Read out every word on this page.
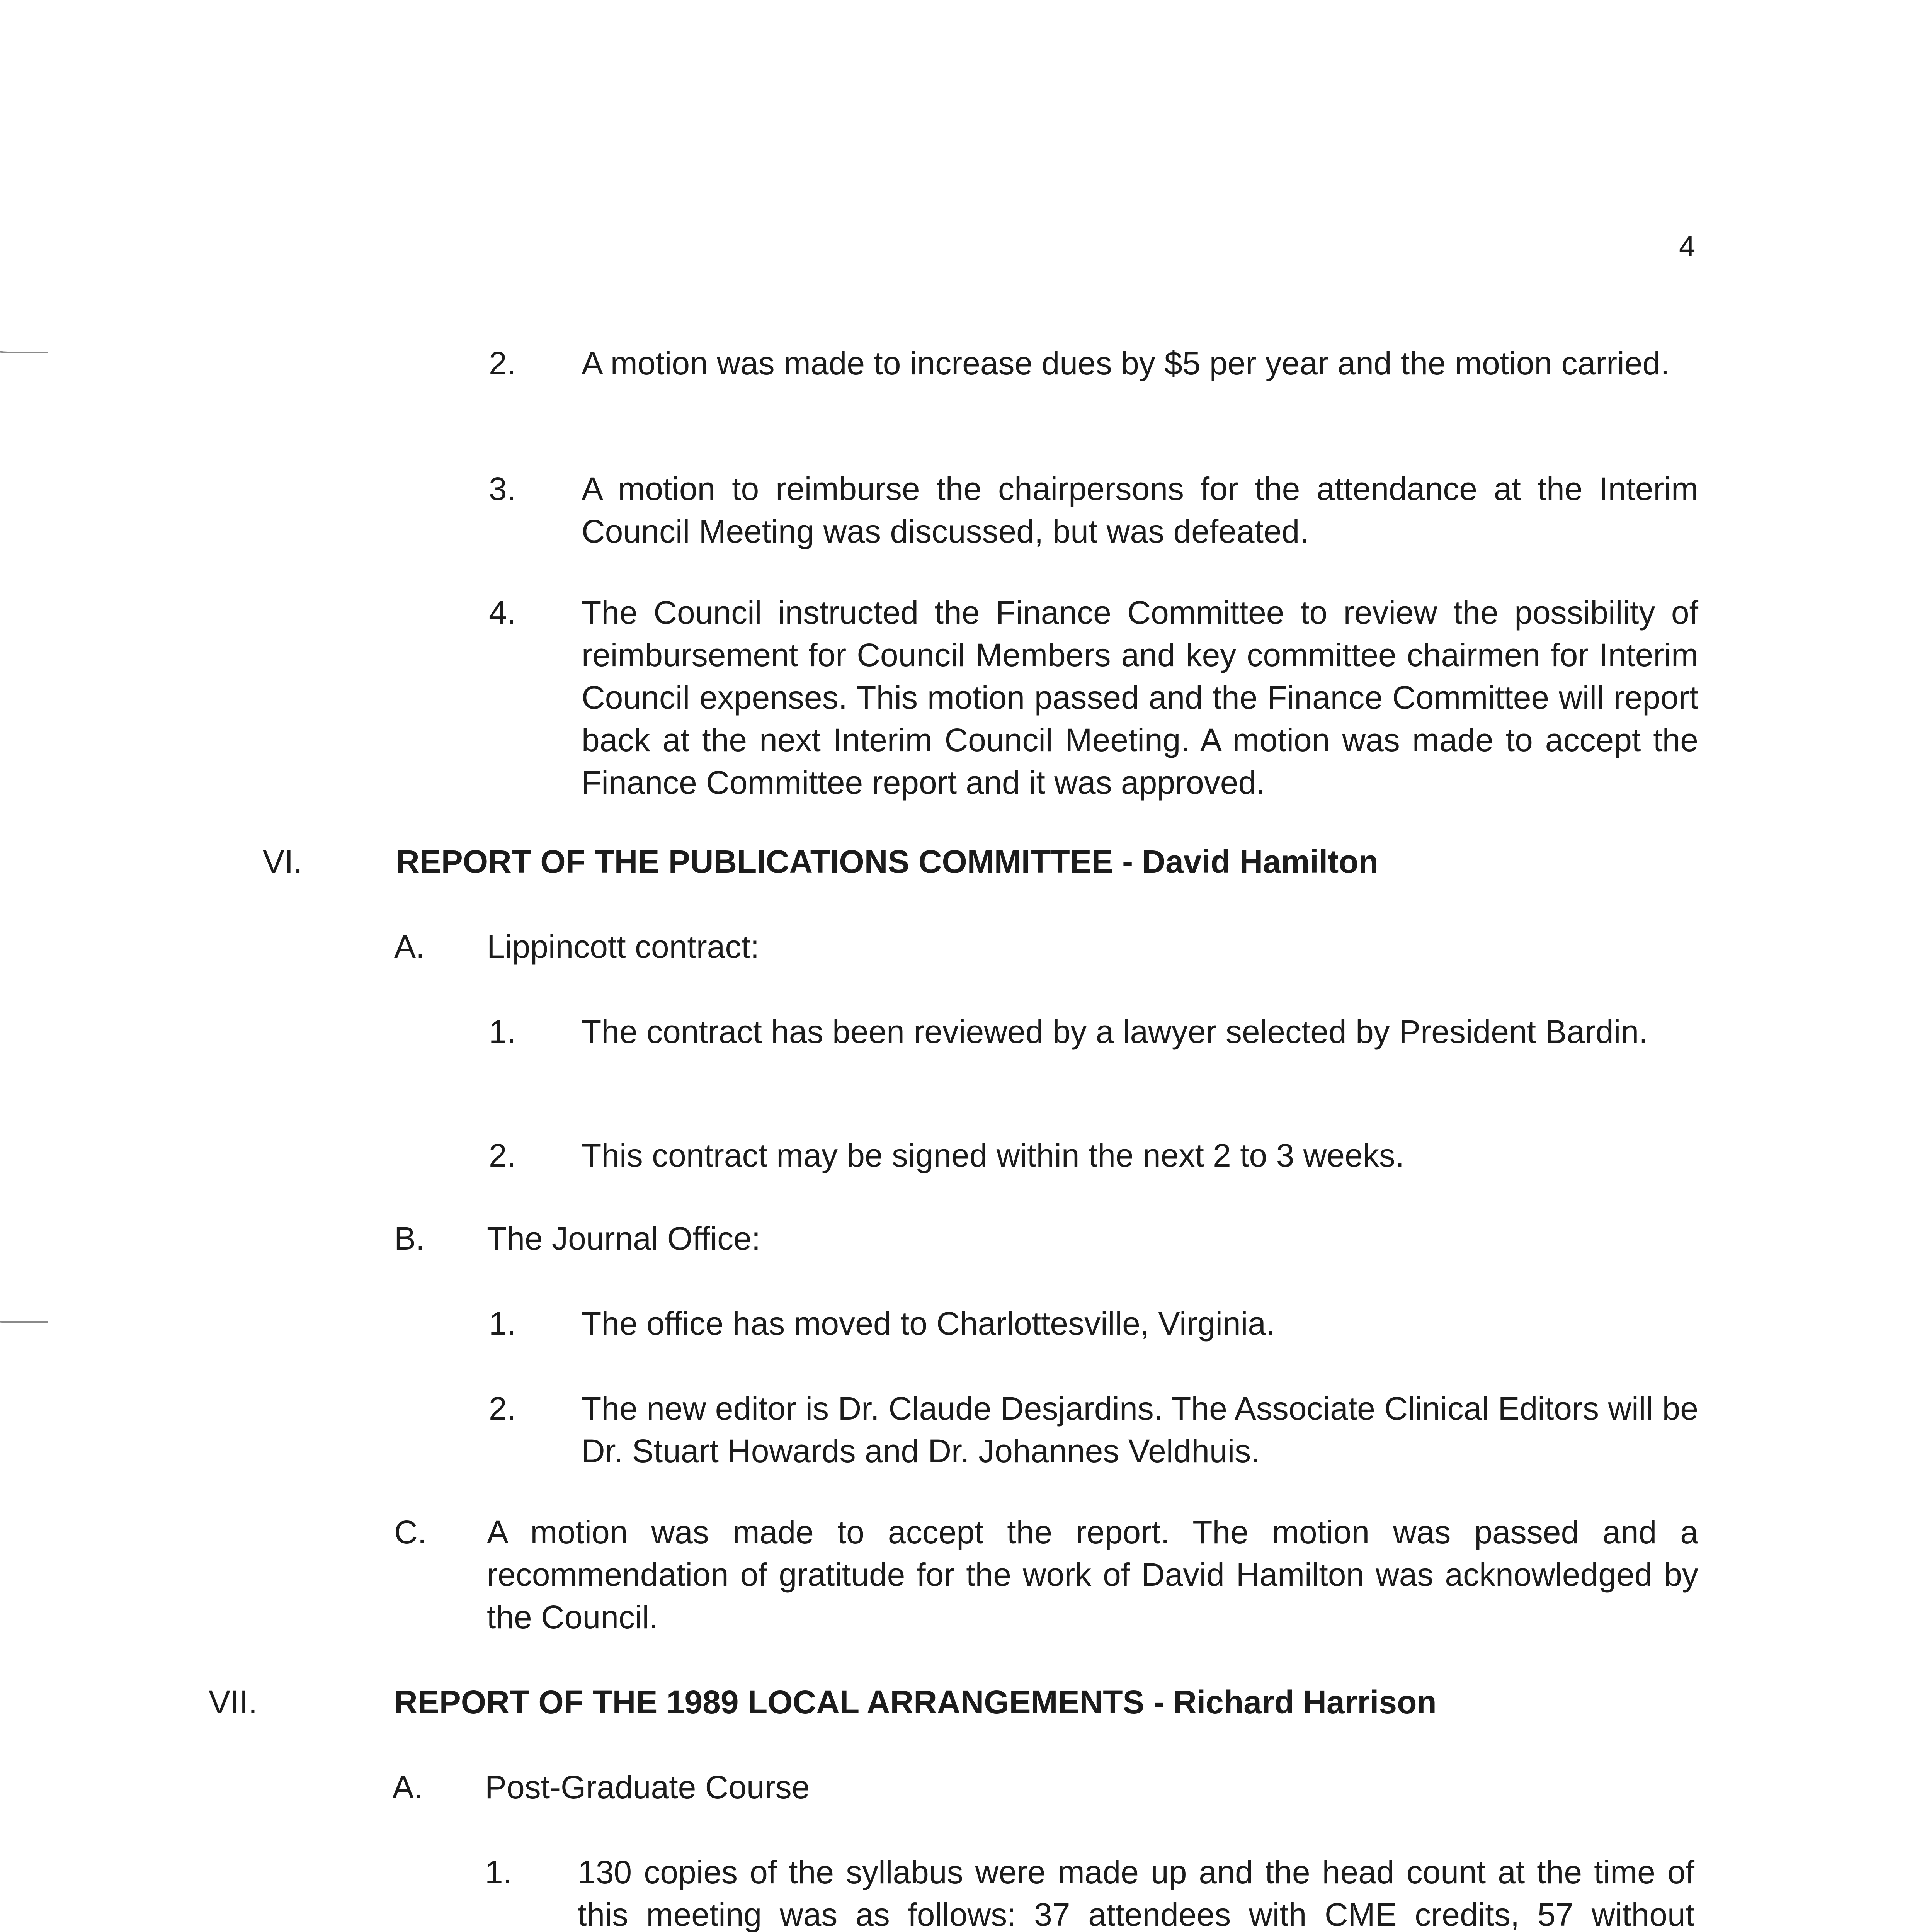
4
2. A motion was made to increase dues by $5 per year and the motion carried.
3. A motion to reimburse the chairpersons for the attendance at the Interim Council Meeting was discussed, but was defeated.
4. The Council instructed the Finance Committee to review the possibility of reimbursement for Council Members and key committee chairmen for Interim Council expenses. This motion passed and the Finance Committee will report back at the next Interim Council Meeting. A motion was made to accept the Finance Committee report and it was approved.
VI.	REPORT OF THE PUBLICATIONS COMMITTEE - David Hamilton
A. Lippincott contract:
1. The contract has been reviewed by a lawyer selected by President Bardin.
2. This contract may be signed within the next 2 to 3 weeks.
B. The Journal Office:
1. The office has moved to Charlottesville, Virginia.
2. The new editor is Dr. Claude Desjardins. The Associate Clinical Editors will be Dr. Stuart Howards and Dr. Johannes Veldhuis.
C. A motion was made to accept the report. The motion was passed and a recommendation of gratitude for the work of David Hamilton was acknowledged by the Council.
VII.	REPORT OF THE 1989 LOCAL ARRANGEMENTS - Richard Harrison
A. Post-Graduate Course
1. 130 copies of the syllabus were made up and the head count at the time of this meeting was as follows: 37 attendees with CME credits, 57 without
